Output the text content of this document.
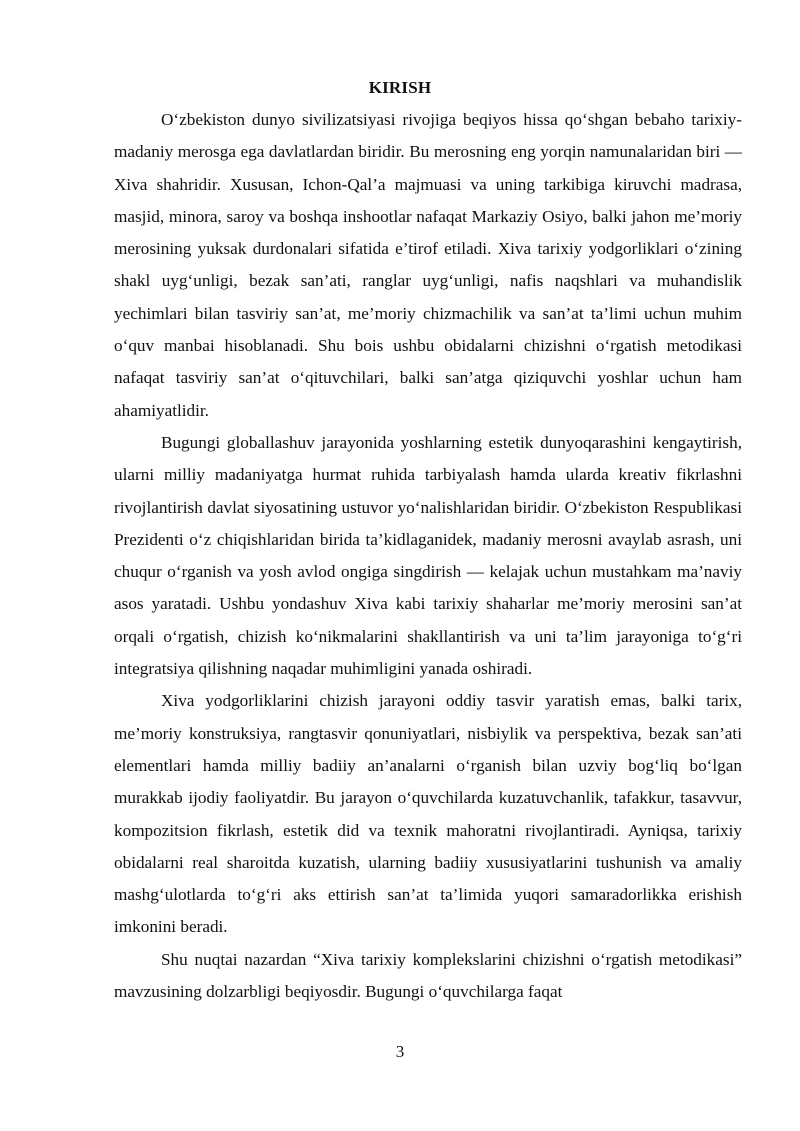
KIRISH

O‘zbekiston dunyo sivilizatsiyasi rivojiga beqiyos hissa qo‘shgan bebaho tarixiy-madaniy merosga ega davlatlardan biridir. Bu merosning eng yorqin namunalaridan biri — Xiva shahridir. Xususan, Ichon-Qal’a majmuasi va uning tarkibiga kiruvchi madrasa, masjid, minora, saroy va boshqa inshootlar nafaqat Markaziy Osiyo, balki jahon me’moriy merosining yuksak durdonalari sifatida e’tirof etiladi. Xiva tarixiy yodgorliklari o‘zining shakl uyg‘unligi, bezak san’ati, ranglar uyg‘unligi, nafis naqshlari va muhandislik yechimlari bilan tasviriy san’at, me’moriy chizmachilik va san’at ta’limi uchun muhim o‘quv manbai hisoblanadi. Shu bois ushbu obidalarni chizishni o‘rgatish metodikasi nafaqat tasviriy san’at o‘qituvchilari, balki san’atga qiziquvchi yoshlar uchun ham ahamiyatlidir.

Bugungi globallashuv jarayonida yoshlarning estetik dunyoqarashini kengaytirish, ularni milliy madaniyatga hurmat ruhida tarbiyalash hamda ularda kreativ fikrlashni rivojlantirish davlat siyosatining ustuvor yo‘nalishlaridan biridir. O‘zbekiston Respublikasi Prezidenti o‘z chiqishlaridan birida ta’kidlaganidek, madaniy merosni avaylab asrash, uni chuqur o‘rganish va yosh avlod ongiga singdirish — kelajak uchun mustahkam ma’naviy asos yaratadi. Ushbu yondashuv Xiva kabi tarixiy shaharlar me’moriy merosini san’at orqali o‘rgatish, chizish ko‘nikmalarini shakllantirish va uni ta’lim jarayoniga to‘g‘ri integratsiya qilishning naqadar muhimligini yanada oshiradi.

Xiva yodgorliklarini chizish jarayoni oddiy tasvir yaratish emas, balki tarix, me’moriy konstruksiya, rangtasvir qonuniyatlari, nisbiylik va perspektiva, bezak san’ati elementlari hamda milliy badiiy an’analarni o‘rganish bilan uzviy bog‘liq bo‘lgan murakkab ijodiy faoliyatdir. Bu jarayon o‘quvchilarda kuzatuvchanlik, tafakkur, tasavvur, kompozitsion fikrlash, estetik did va texnik mahoratni rivojlantiradi. Ayniqsa, tarixiy obidalarni real sharoitda kuzatish, ularning badiiy xususiyatlarini tushunish va amaliy mashg‘ulotlarda to‘g‘ri aks ettirish san’at ta’limida yuqori samaradorlikka erishish imkonini beradi.

Shu nuqtai nazardan “Xiva tarixiy komplekslarini chizishni o‘rgatish metodikasi” mavzusining dolzarbligi beqiyosdir. Bugungi o‘quvchilarga faqat

3
